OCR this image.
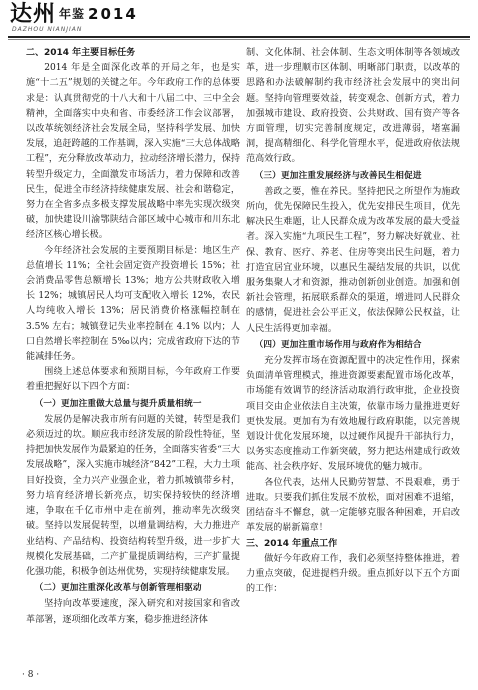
达州 年鉴 2014
DAZHOU NIANJIAN

二、2014 年主要目标任务

2014 年是全面深化改革的开局之年，也是实施“十二五”规划的关键之年。今年政府工作的总体要求是：认真贯彻党的十八大和十八届二中、三中全会精神，全面落实中央和省、市委经济工作会议部署，以改革统领经济社会发展全局，坚持科学发展、加快发展，追赶跨越的工作基调，深入实施“三大总体战略工程”，充分释放改革动力，拉动经济增长潜力，保持转型升级定力，全面激发市场活力，着力保障和改善民生，促进全市经济持续健康发展、社会和谐稳定，努力在全省多点多极支撑发展战略中率先实现次级突破，加快建设川渝鄂陕结合部区域中心城市和川东北经济区核心增长极。

今年经济社会发展的主要预期目标是：地区生产总值增长 11%；全社会固定资产投资增长 15%；社会消费品零售总额增长 13%；地方公共财政收入增长 12%；城镇居民人均可支配收入增长 12%，农民人均纯收入增长 13%；居民消费价格涨幅控制在 3.5% 左右；城镇登记失业率控制在 4.1% 以内；人口自然增长率控制在 5‰以内；完成省政府下达的节能减排任务。

围绕上述总体要求和预期目标，今年政府工作要着重把握好以下四个方面：

（一）更加注重做大总量与提升质量相统一

发展仍是解决我市所有问题的关键，转型是我们必须迈过的坎。顺应我市经济发展的阶段性特征，坚持把加快发展作为最紧迫的任务，全面落实省委“三大发展战略”，深入实施市城经济“842”工程，大力土项目好投资，全力兴产业强企业，着力抓城镇带乡村，努力培育经济增长新亮点，切实保持较快的经济增速，争取在千亿市州中走在前列，推动率先次级突破。坚持以发展促转型，以增量调结构，大力推进产业结构、产品结构、投资结构转型升级，进一步扩大规模化发展基础，二产扩量提质调结构，三产扩量提化强功能，积极争创达州优势，实现持续健康发展。

（二）更加注重深化改革与创新管理相驱动

坚持向改革要速度，深入研究和对接国家和省改革部署，逐项细化改革方案，稳步推进经济体

制、文化体制、社会体制、生态文明体制等各领域改革，进一步理顺市区体制、明晰部门职责，以改革的思路和办法破解制约我市经济社会发展中的突出问题。坚持向管理要效益，转变观念、创新方式，着力加强城市建设、政府投资、公共财政、国有资产等各方面管理，切实完善制度规定，改进薄弱，堵塞漏洞，提高精细化、科学化管理水平，促进政府依法规范高效行政。

（三）更加注重发展经济与改善民生相促进

善政之要，惟在养民。坚持把民之所望作为施政所向，优先保障民生投入，优先安排民生项目，优先解决民生难题，让人民群众成为改革发展的最大受益者。深入实施“九项民生工程”，努力解决好就业、社保、教育、医疗、养老、住房等突出民生问题，着力打造宜居宜业环境，以惠民生凝结发展的共识，以优服务集聚人才和资源，推动创新创业创造。加强和创新社会管理，拓展联系群众的渠道，增进同人民群众的感情，促进社会公平正义，依法保障公民权益，让人民生活得更加幸福。

（四）更加注重市场作用与政府作为相结合

充分发挥市场在资源配置中的决定性作用，探索负面清单管理模式，推进资源要素配置市场化改革，市场能有效调节的经济活动取消行政审批，企业投资项目交由企业依法自主决策，依靠市场力量推进更好更快发展。更加有为有效地履行政府职能，以完善规划设计优化发展环境，以过硬作风提升干部执行力，以务实态度推动工作新突破，努力把达州建成行政效能高、社会秩序好、发展环境优的魅力城市。

各位代表，达州人民勤劳智慧、不畏艰难，勇于进取。只要我们抓住发展不放松，面对困难不退缩，团结奋斗不懈怠，就一定能够克服各种困难，开启改革发展的崭新篇章！

三、2014 年重点工作

做好今年政府工作，我们必须坚持整体推进，着力重点突破，促进提档升级。重点抓好以下五个方面的工作：

· 8 ·
